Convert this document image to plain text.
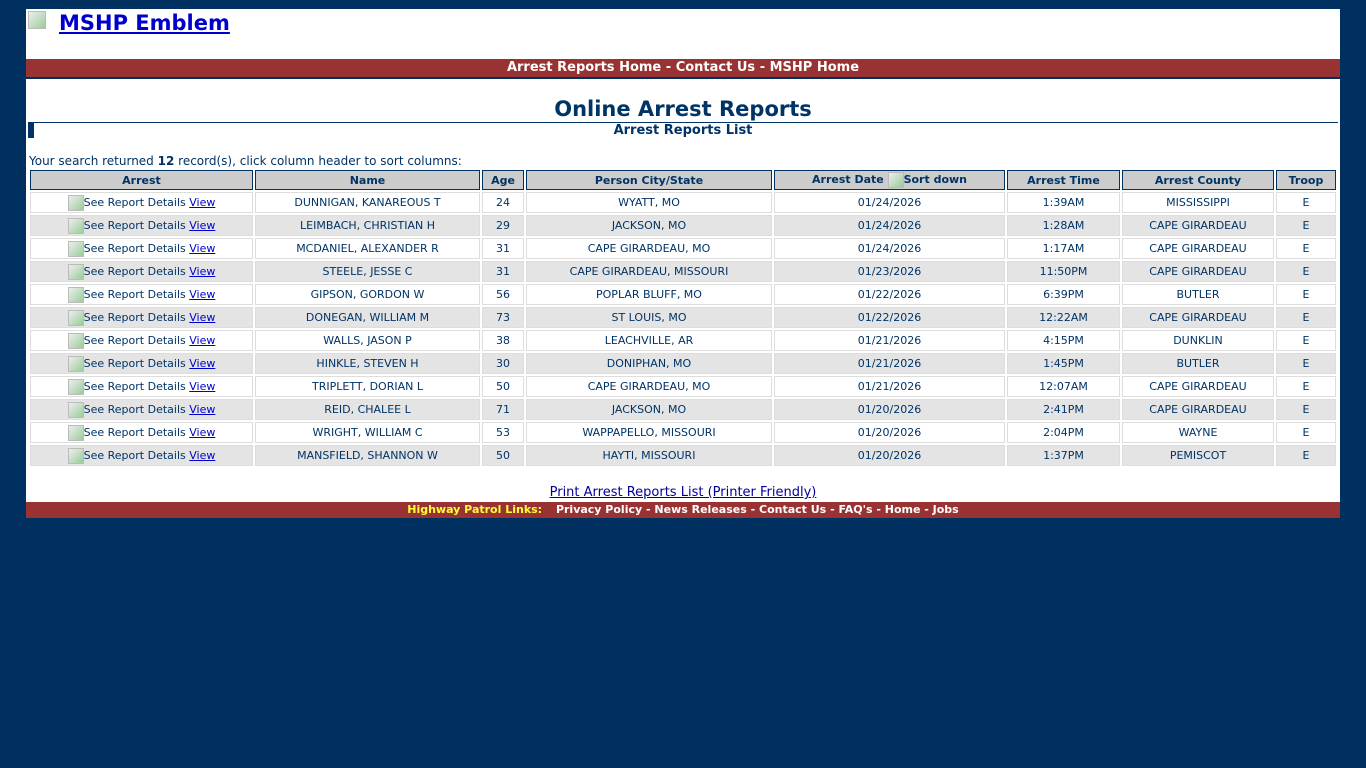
MSHP Emblem
Arrest Reports Home - Contact Us - MSHP Home
Online Arrest Reports
Arrest Reports List
Your search returned 12 record(s), click column header to sort columns:
Arrest	Name	Age	Person City/State	Arrest Date Sort down	Arrest Time	Arrest County	Troop
See Report Details View	DUNNIGAN, KANAREOUS T	24	WYATT, MO	01/24/2026	1:39AM	MISSISSIPPI	E
See Report Details View	LEIMBACH, CHRISTIAN H	29	JACKSON, MO	01/24/2026	1:28AM	CAPE GIRARDEAU	E
See Report Details View	MCDANIEL, ALEXANDER R	31	CAPE GIRARDEAU, MO	01/24/2026	1:17AM	CAPE GIRARDEAU	E
See Report Details View	STEELE, JESSE C	31	CAPE GIRARDEAU, MISSOURI	01/23/2026	11:50PM	CAPE GIRARDEAU	E
See Report Details View	GIPSON, GORDON W	56	POPLAR BLUFF, MO	01/22/2026	6:39PM	BUTLER	E
See Report Details View	DONEGAN, WILLIAM M	73	ST LOUIS, MO	01/22/2026	12:22AM	CAPE GIRARDEAU	E
See Report Details View	WALLS, JASON P	38	LEACHVILLE, AR	01/21/2026	4:15PM	DUNKLIN	E
See Report Details View	HINKLE, STEVEN H	30	DONIPHAN, MO	01/21/2026	1:45PM	BUTLER	E
See Report Details View	TRIPLETT, DORIAN L	50	CAPE GIRARDEAU, MO	01/21/2026	12:07AM	CAPE GIRARDEAU	E
See Report Details View	REID, CHALEE L	71	JACKSON, MO	01/20/2026	2:41PM	CAPE GIRARDEAU	E
See Report Details View	WRIGHT, WILLIAM C	53	WAPPAPELLO, MISSOURI	01/20/2026	2:04PM	WAYNE	E
See Report Details View	MANSFIELD, SHANNON W	50	HAYTI, MISSOURI	01/20/2026	1:37PM	PEMISCOT	E
Print Arrest Reports List (Printer Friendly)
Highway Patrol Links: Privacy Policy - News Releases - Contact Us - FAQ's - Home - Jobs
